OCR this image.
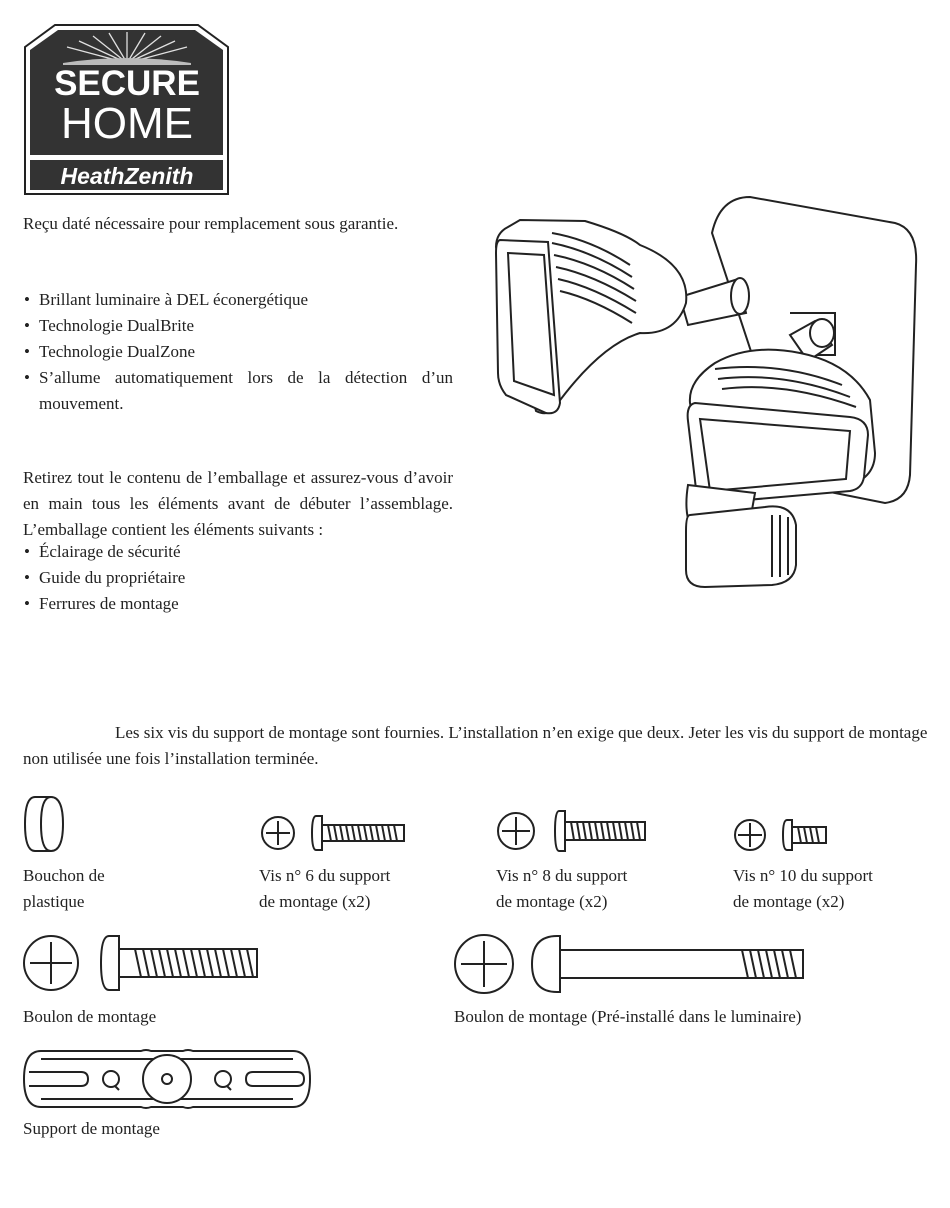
SECURE
HOME
HeathZenith
Reçu daté nécessaire pour remplacement sous garantie.
• Brillant luminaire à DEL éconergétique
• Technologie DualBrite
• Technologie DualZone
• S’allume automatiquement lors de la détection d’un mouvement.
Retirez tout le contenu de l’emballage et assurez-vous d’avoir en main tous les éléments avant de débuter l’assemblage. L’emballage contient les éléments suivants :
• Éclairage de sécurité
• Guide du propriétaire
• Ferrures de montage
Les six vis du support de montage sont fournies. L’installation n’en exige que deux. Jeter les vis du support de montage non utilisée une fois l’installation terminée.
Bouchon de
plastique
Vis n° 6 du support
de montage (x2)
Vis n° 8 du support
de montage (x2)
Vis n° 10 du support
de montage (x2)
Boulon de montage	Boulon de montage (Pré-installé dans le luminaire)
Support de montage
